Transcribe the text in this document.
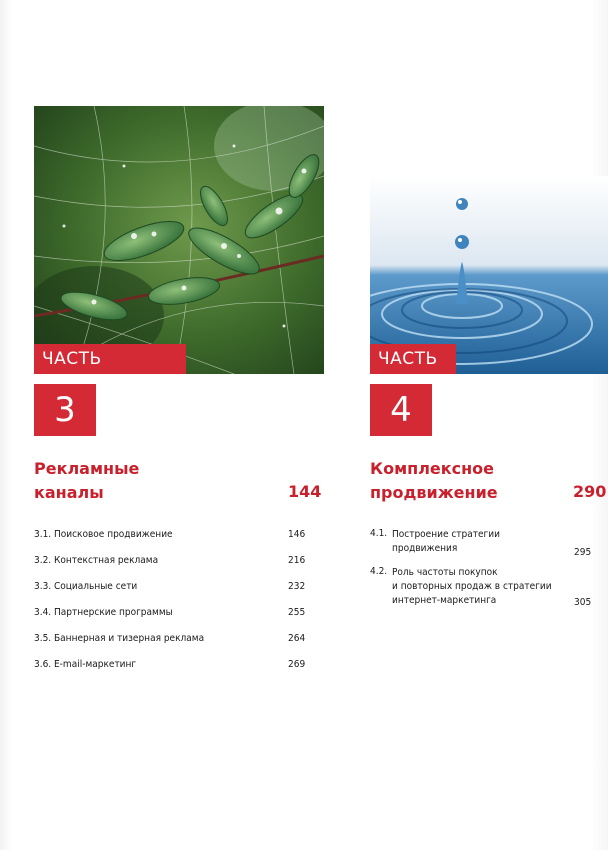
ЧАСТЬ
3
Рекламные
каналы	144
3.1. Поисковое продвижение	146
3.2. Контекстная реклама	216
3.3. Социальные сети	232
3.4. Партнерские программы	255
3.5. Баннерная и тизерная реклама	264
3.6. E-mail-маркетинг	269
ЧАСТЬ
4
Комплексное
продвижение	290
4.1. Построение стратегии
продвижения	295
4.2. Роль частоты покупок
и повторных продаж в стратегии
интернет-маркетинга	305
